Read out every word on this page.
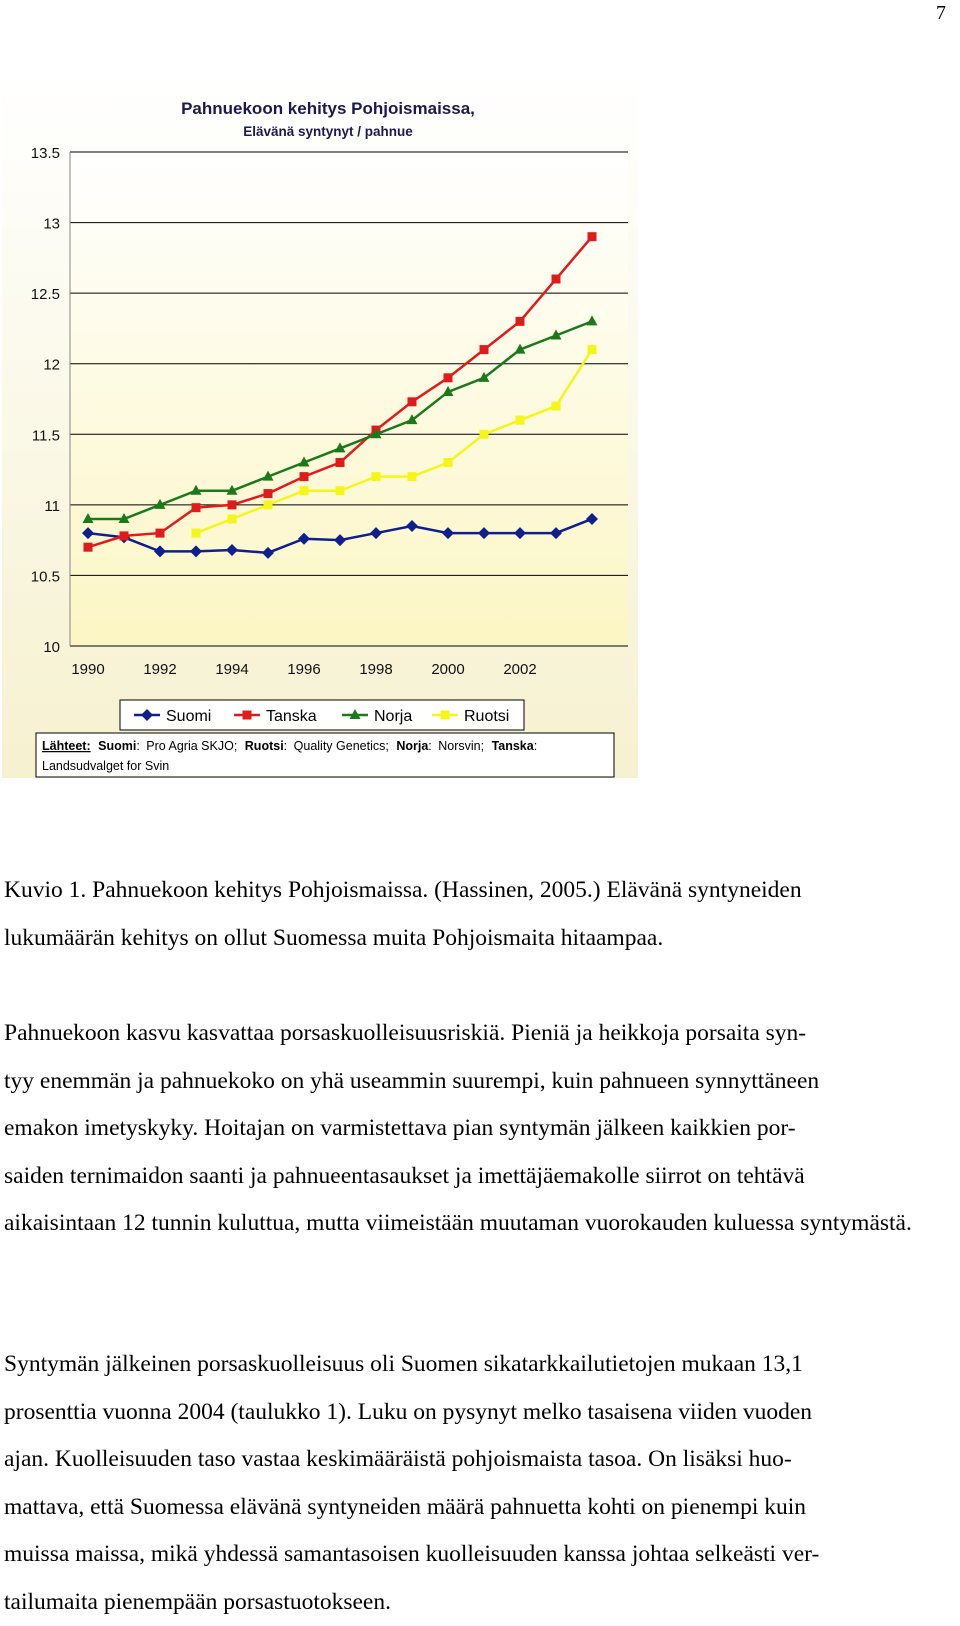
7
Pahnuekoon kehitys Pohjoismaissa,
Elävänä syntynyt / pahnue
10
10.5
11
11.5
12
12.5
13
13.5
1990	1992	1994	1996	1998	2000	2002
Suomi	Tanska	Norja	Ruotsi
Lähteet: Suomi: Pro Agria SKJO; Ruotsi: Quality Genetics; Norja: Norsvin; Tanska:
Landsudvalget for Svin
Kuvio 1. Pahnuekoon kehitys Pohjoismaissa. (Hassinen, 2005.) Elävänä syntyneiden lukumäärän kehitys on ollut Suomessa muita Pohjoismaita hitaampaa.
Pahnuekoon kasvu kasvattaa porsaskuolleisuusriskiä. Pieniä ja heikkoja porsaita syn- tyy enemmän ja pahnuekoko on yhä useammin suurempi, kuin pahnueen synnyttäneen emakon imetyskyky. Hoitajan on varmistettava pian syntymän jälkeen kaikkien por- saiden ternimaidon saanti ja pahnueentasaukset ja imettäjäemakolle siirrot on tehtävä aikaisintaan 12 tunnin kuluttua, mutta viimeistään muutaman vuorokauden kuluessa syntymästä.
Syntymän jälkeinen porsaskuolleisuus oli Suomen sikatarkkailutietojen mukaan 13,1 prosenttia vuonna 2004 (taulukko 1). Luku on pysynyt melko tasaisena viiden vuoden ajan. Kuolleisuuden taso vastaa keskimääräistä pohjoismaista tasoa. On lisäksi huo- mattava, että Suomessa elävänä syntyneiden määrä pahnuetta kohti on pienempi kuin muissa maissa, mikä yhdessä samantasoisen kuolleisuuden kanssa johtaa selkeästi ver- tailumaita pienempään porsastuotokseen.
